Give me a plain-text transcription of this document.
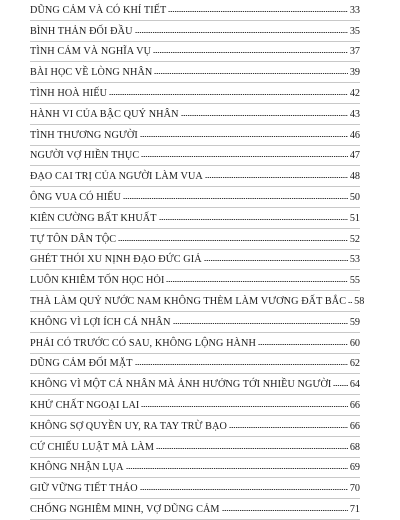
DŨNG CẢM VÀ CÓ KHÍ TIẾT	33
BÌNH THẢN ĐỐI ĐẦU	35
TÌNH CẢM VÀ NGHĨA VỤ	37
BÀI HỌC VỀ LÒNG NHÂN	39
TÌNH HOÀ HIẾU	42
HÀNH VI CỦA BẬC QUÝ NHÂN	43
TÌNH THƯƠNG NGƯỜI	46
NGƯỜI VỢ HIỀN THỤC	47
ĐẠO CAI TRỊ CỦA NGƯỜI LÀM VUA	48
ÔNG VUA CÓ HIẾU	50
KIÊN CƯỜNG BẤT KHUẤT	51
TỰ TÔN DÂN TỘC	52
GHÉT THÓI XU NỊNH ĐẠO ĐỨC GIẢ	53
LUÔN KHIÊM TỐN HỌC HỎI	55
THÀ LÀM QUỶ NƯỚC NAM KHÔNG THÈM LÀM VƯƠNG ĐẤT BẮC 58
KHÔNG VÌ LỢI ÍCH CÁ NHÂN	59
PHẢI CÓ TRƯỚC CÓ SAU, KHÔNG LỘNG HÀNH	60
DŨNG CẢM ĐỐI MẶT	62
KHÔNG VÌ MỘT CÁ NHÂN MÀ ẢNH HƯỞNG TỚI NHIỀU NGƯỜI 64
KHỬ CHẤT NGOẠI LAI	66
KHÔNG SỢ QUYỀN UY, RA TAY TRỪ BẠO	66
CỨ CHIẾU LUẬT MÀ LÀM	68
KHÔNG NHẬN LỤA	69
GIỮ VỮNG TIẾT THÁO	70
CHỐNG NGHIÊM MINH, VỢ DŨNG CẢM	71
